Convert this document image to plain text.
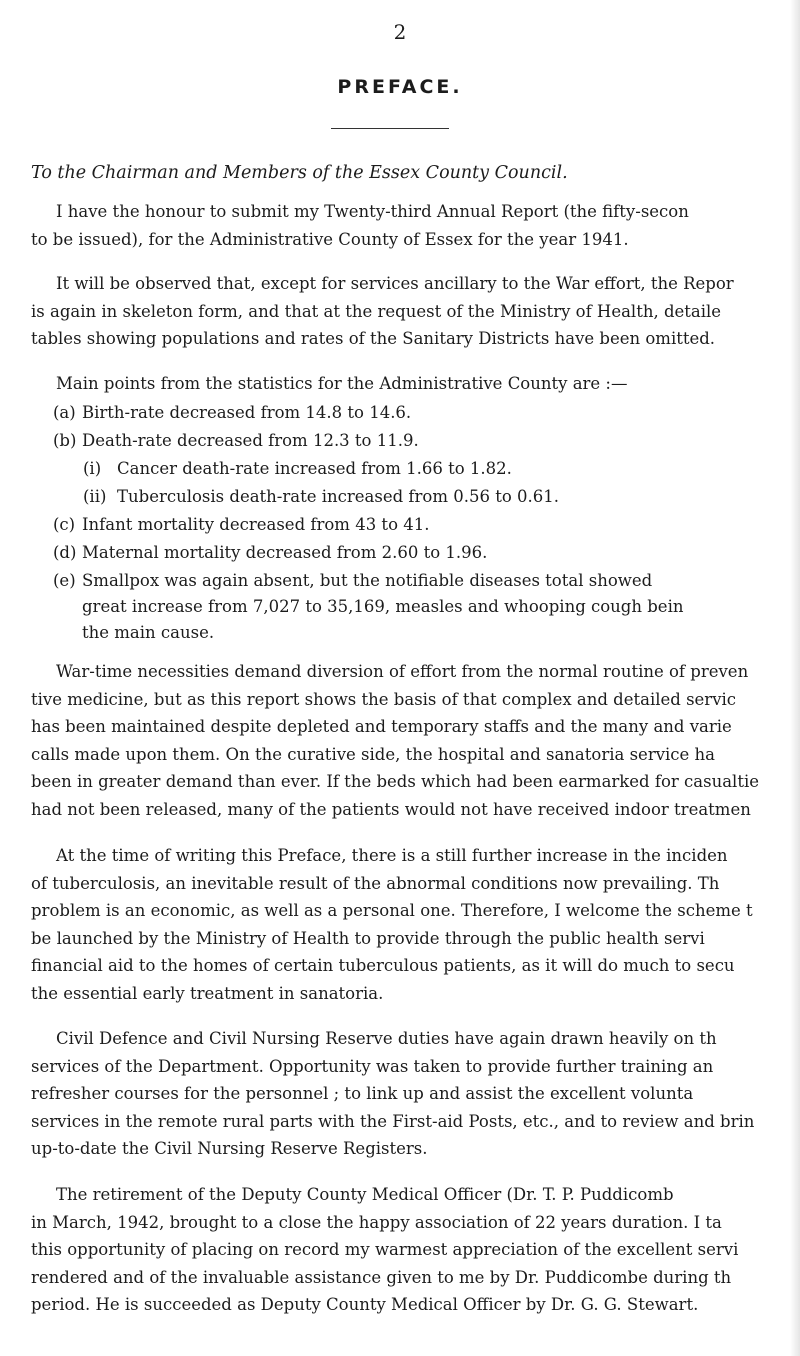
2
PREFACE.
To the Chairman and Members of the Essex County Council.
I have the honour to submit my Twenty-third Annual Report (the fifty-secon
to be issued), for the Administrative County of Essex for the year 1941.
It will be observed that, except for services ancillary to the War effort, the Repor
is again in skeleton form, and that at the request of the Ministry of Health, detaile
tables showing populations and rates of the Sanitary Districts have been omitted.
Main points from the statistics for the Administrative County are :—
(a) Birth-rate decreased from 14.8 to 14.6.
(b) Death-rate decreased from 12.3 to 11.9.
(i) Cancer death-rate increased from 1.66 to 1.82.
(ii) Tuberculosis death-rate increased from 0.56 to 0.61.
(c) Infant mortality decreased from 43 to 41.
(d) Maternal mortality decreased from 2.60 to 1.96.
(e) Smallpox was again absent, but the notifiable diseases total showed
great increase from 7,027 to 35,169, measles and whooping cough bein
the main cause.
War-time necessities demand diversion of effort from the normal routine of preven
tive medicine, but as this report shows the basis of that complex and detailed servic
has been maintained despite depleted and temporary staffs and the many and varie
calls made upon them. On the curative side, the hospital and sanatoria service ha
been in greater demand than ever. If the beds which had been earmarked for casualtie
had not been released, many of the patients would not have received indoor treatmen
At the time of writing this Preface, there is a still further increase in the inciden
of tuberculosis, an inevitable result of the abnormal conditions now prevailing. Th
problem is an economic, as well as a personal one. Therefore, I welcome the scheme t
be launched by the Ministry of Health to provide through the public health servi
financial aid to the homes of certain tuberculous patients, as it will do much to secu
the essential early treatment in sanatoria.
Civil Defence and Civil Nursing Reserve duties have again drawn heavily on th
services of the Department. Opportunity was taken to provide further training an
refresher courses for the personnel ; to link up and assist the excellent volunta
services in the remote rural parts with the First-aid Posts, etc., and to review and brin
up-to-date the Civil Nursing Reserve Registers.
The retirement of the Deputy County Medical Officer (Dr. T. P. Puddicomb
in March, 1942, brought to a close the happy association of 22 years duration. I ta
this opportunity of placing on record my warmest appreciation of the excellent servi
rendered and of the invaluable assistance given to me by Dr. Puddicombe during th
period. He is succeeded as Deputy County Medical Officer by Dr. G. G. Stewart.
